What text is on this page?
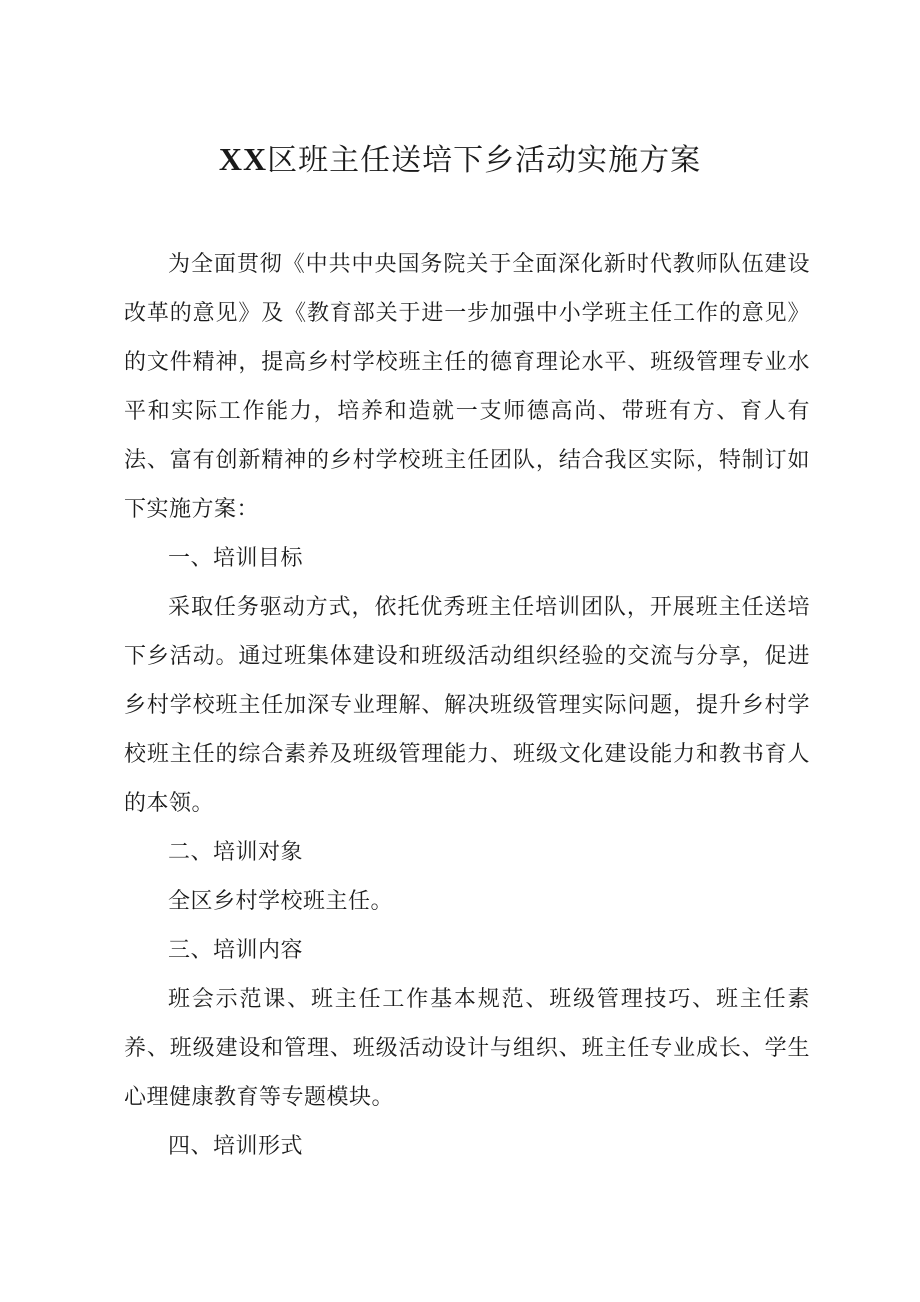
XX区班主任送培下乡活动实施方案

为全面贯彻《中共中央国务院关于全面深化新时代教师队伍建设改革的意见》及《教育部关于进一步加强中小学班主任工作的意见》的文件精神，提高乡村学校班主任的德育理论水平、班级管理专业水平和实际工作能力，培养和造就一支师德高尚、带班有方、育人有法、富有创新精神的乡村学校班主任团队，结合我区实际，特制订如下实施方案：

一、培训目标

采取任务驱动方式，依托优秀班主任培训团队，开展班主任送培下乡活动。通过班集体建设和班级活动组织经验的交流与分享，促进乡村学校班主任加深专业理解、解决班级管理实际问题，提升乡村学校班主任的综合素养及班级管理能力、班级文化建设能力和教书育人的本领。

二、培训对象

全区乡村学校班主任。

三、培训内容

班会示范课、班主任工作基本规范、班级管理技巧、班主任素养、班级建设和管理、班级活动设计与组织、班主任专业成长、学生心理健康教育等专题模块。

四、培训形式
